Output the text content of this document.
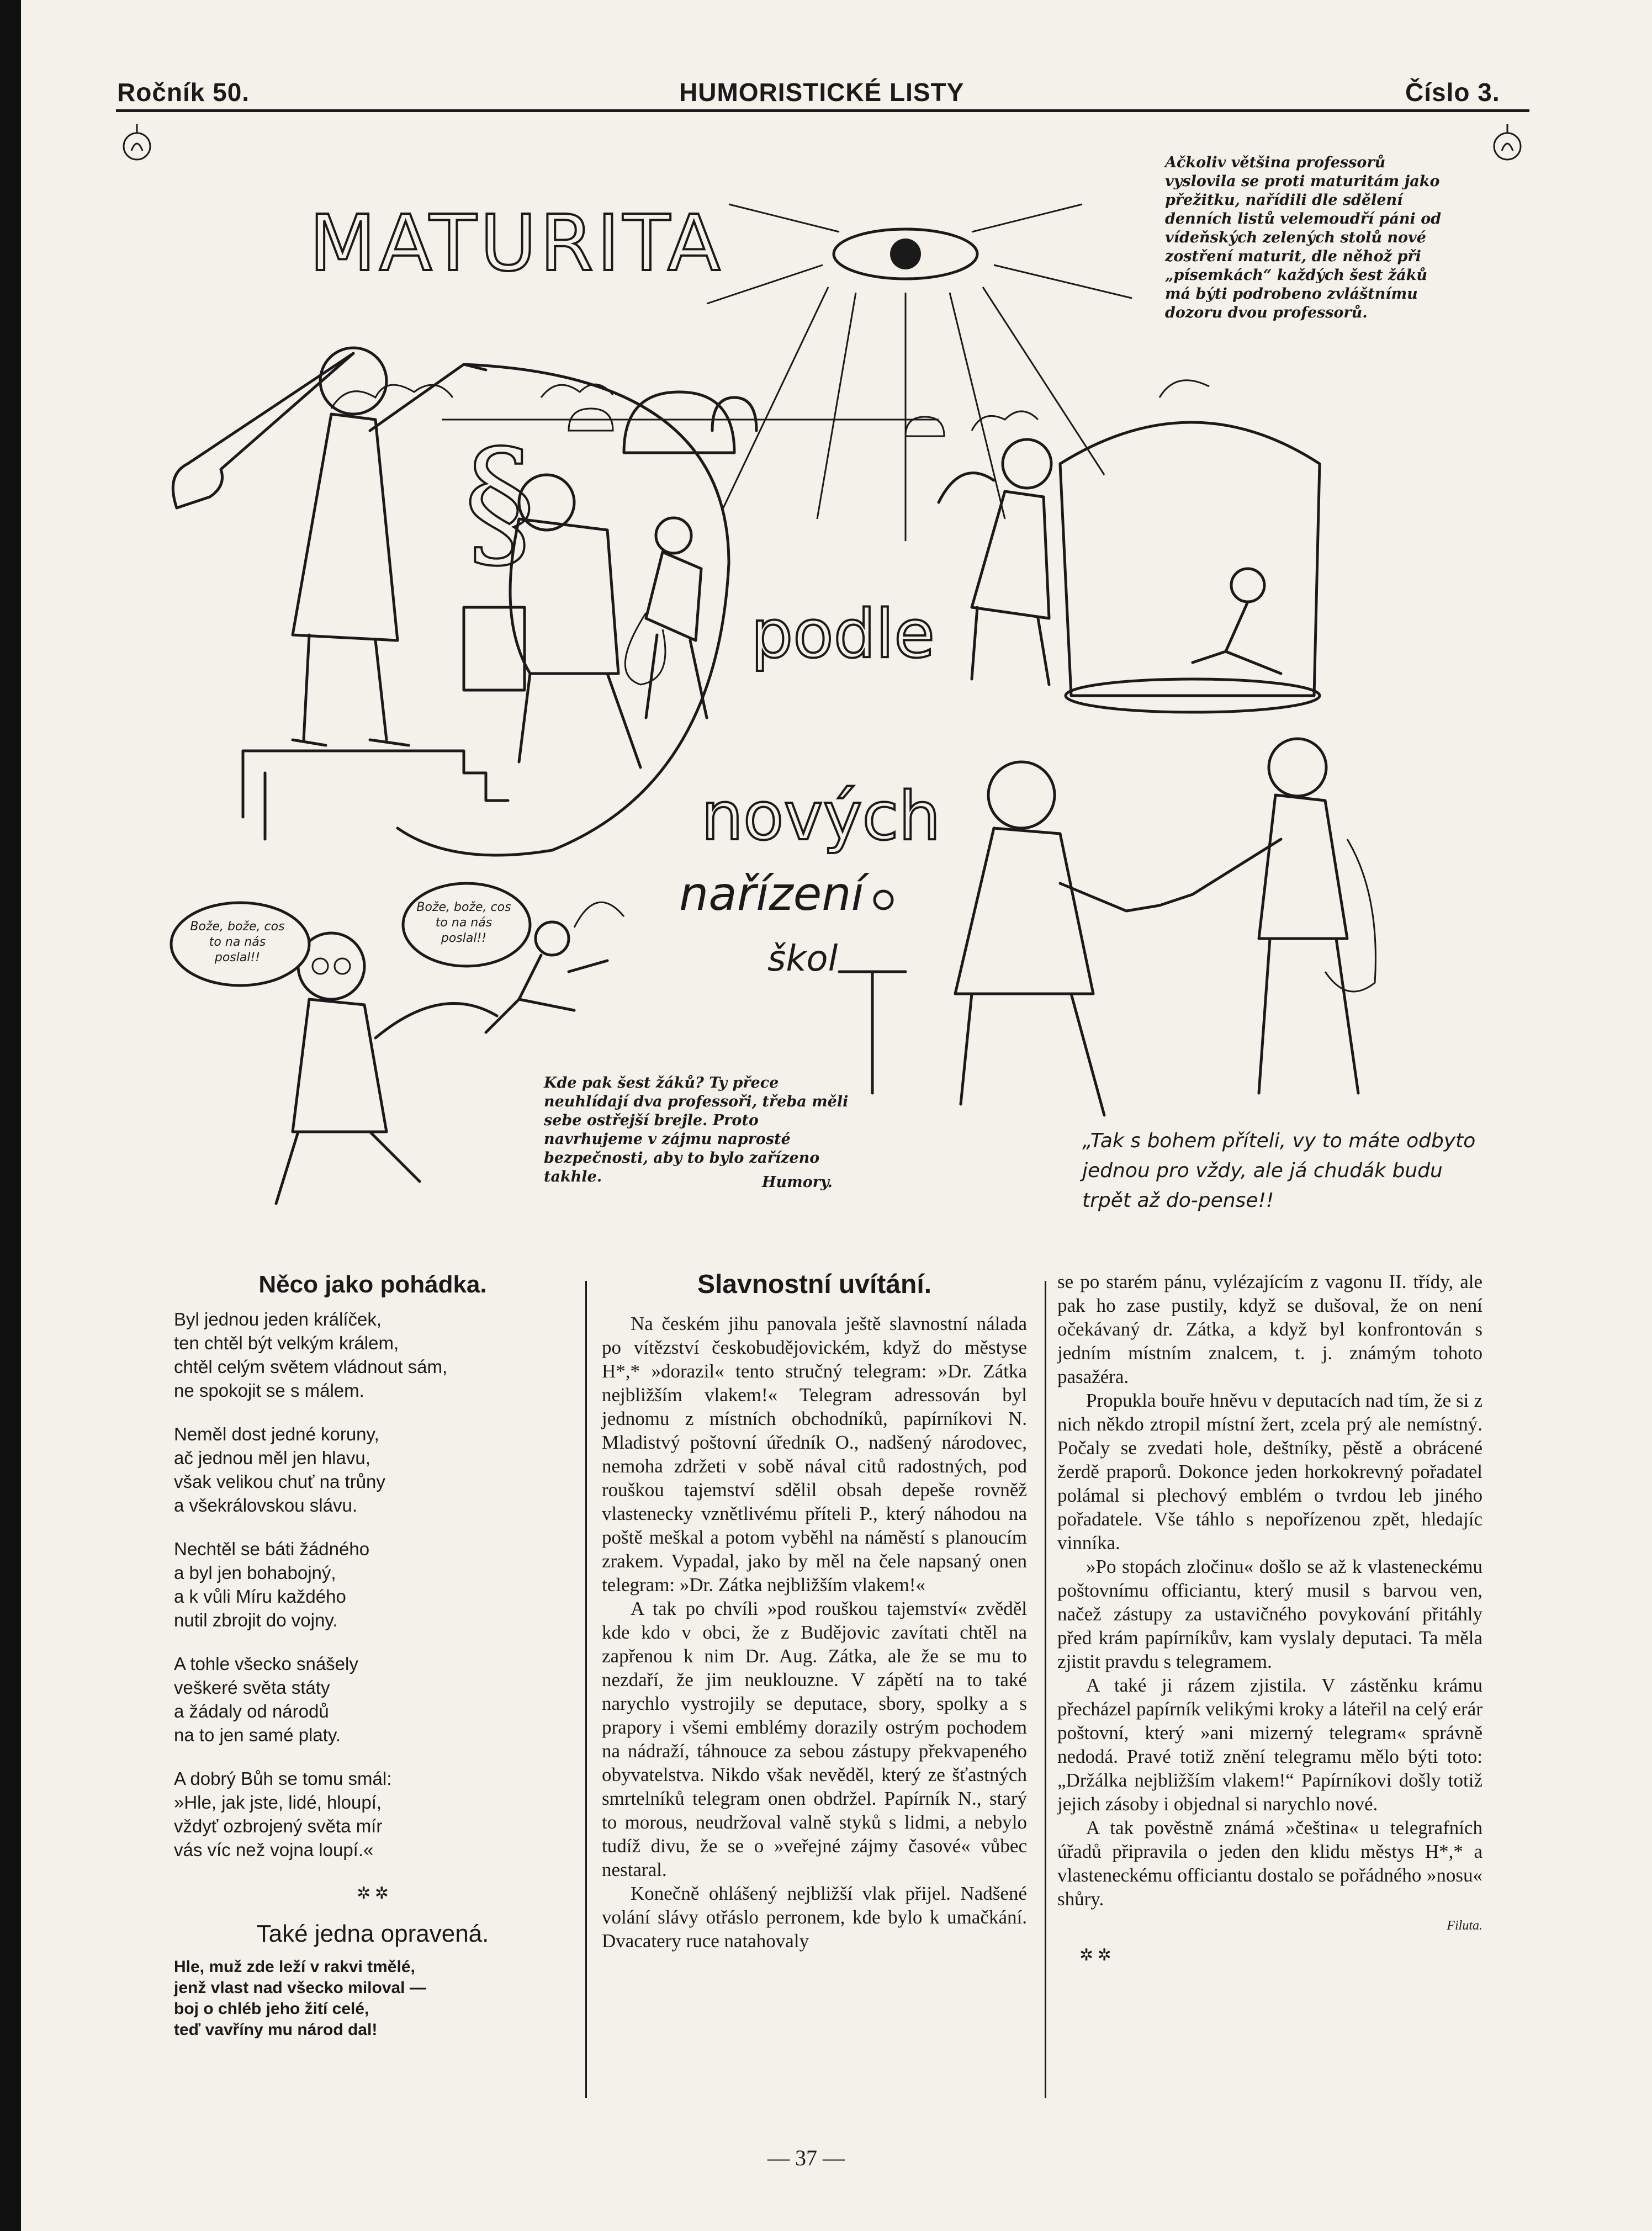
Ročník 50.	HUMORISTICKÉ LISTY	Číslo 3.
§
MATURITA
podle
nových
nařízení
škol
Ačkoliv většina professorů vyslovila se proti maturitám jako přežitku, nařídili dle sdělení denních listů velemoudří páni od vídeňských zelených stolů nové zostření maturit, dle něhož při „písemkách“ každých šest žáků má býti podrobeno zvláštnímu dozoru dvou professorů.
Bože, bože, cos to na nás poslal!!
Bože, bože, cos to na nás poslal!!
Kde pak šest žáků? Ty přece neuhlídají dva professoři, třeba měli sebe ostřejší brejle. Proto navrhujeme v zájmu naprosté bezpečnosti, aby to bylo zařízeno takhle.	Humory.
„Tak s bohem příteli, vy to máte odbyto jednou pro vždy, ale já chudák budu trpět až do-pense!!
Něco jako pohádka.
Byl jednou jeden králíček,
ten chtěl být velkým králem,
chtěl celým světem vládnout sám,
ne spokojit se s málem.
Neměl dost jedné koruny,
ač jednou měl jen hlavu,
však velikou chuť na trůny
a všekrálovskou slávu.
Nechtěl se báti žádného
a byl jen bohabojný,
a k vůli Míru každého
nutil zbrojit do vojny.
A tohle všecko snášely
veškeré světa státy
a žádaly od národů
na to jen samé platy.
A dobrý Bůh se tomu smál:
»Hle, jak jste, lidé, hloupí,
vždyť ozbrojený světa mír
vás víc než vojna loupí.«
✲ ✲
Také jedna opravená.
Hle, muž zde leží v rakvi tmělé,
jenž vlast nad všecko miloval —
boj o chléb jeho žití celé,
teď vavříny mu národ dal!
Slavnostní uvítání.

Na českém jihu panovala ještě slavnostní nálada po vítězství českobudějovickém, když do městyse H*,* »dorazil« tento stručný telegram: »Dr. Zátka nejbližším vlakem!« Telegram adressován byl jednomu z místních obchodníků, papírníkovi N. Mladistvý poštovní úředník O., nadšený národovec, nemoha zdržeti v sobě nával citů radostných, pod rouškou tajemství sdělil obsah depeše rovněž vlastenecky vznětlivému příteli P., který náhodou na poště meškal a potom vyběhl na náměstí s planoucím zrakem. Vypadal, jako by měl na čele napsaný onen telegram: »Dr. Zátka nejbližším vlakem!«

A tak po chvíli »pod rouškou tajemství« zvěděl kde kdo v obci, že z Budějovic zavítati chtěl na zapřenou k nim Dr. Aug. Zátka, ale že se mu to nezdaří, že jim neuklouzne. V zápětí na to také narychlo vystrojily se deputace, sbory, spolky a s prapory i všemi emblémy dorazily ostrým pochodem na nádraží, táhnouce za sebou zástupy překvapeného obyvatelstva. Nikdo však nevěděl, který ze šťastných smrtelníků telegram onen obdržel. Papírník N., starý to morous, neudržoval valně styků s lidmi, a nebylo tudíž divu, že se o »veřejné zájmy časové« vůbec nestaral.

Konečně ohlášený nejbližší vlak přijel. Nadšené volání slávy otřáslo perronem, kde bylo k umačkání. Dvacatery ruce natahovaly

se po starém pánu, vylézajícím z vagonu II. třídy, ale pak ho zase pustily, když se dušoval, že on není očekávaný dr. Zátka, a když byl konfrontován s jedním místním znalcem, t. j. známým tohoto pasažéra.

Propukla bouře hněvu v deputacích nad tím, že si z nich někdo ztropil místní žert, zcela prý ale nemístný. Počaly se zvedati hole, deštníky, pěstě a obrácené žerdě praporů. Dokonce jeden horkokrevný pořadatel polámal si plechový emblém o tvrdou leb jiného pořadatele. Vše táhlo s nepořízenou zpět, hledajíc vinníka.

»Po stopách zločinu« došlo se až k vlasteneckému poštovnímu officiantu, který musil s barvou ven, načež zástupy za ustavičného povykování přitáhly před krám papírníkův, kam vyslaly deputaci. Ta měla zjistit pravdu s telegramem.

A také ji rázem zjistila. V zástěnku krámu přecházel papírník velikými kroky a láteřil na celý erár poštovní, který »ani mizerný telegram« správně nedodá. Pravé totiž znění telegramu mělo býti toto: „Držálka nejbližším vlakem!“ Papírníkovi došly totiž jejich zásoby i objednal si narychlo nové.

A tak pověstně známá »čeština« u telegrafních úřadů připravila o jeden den klidu městys H*,* a vlasteneckému officiantu dostalo se pořádného »nosu« shůry.

Filuta.
✲ ✲
— 37 —
